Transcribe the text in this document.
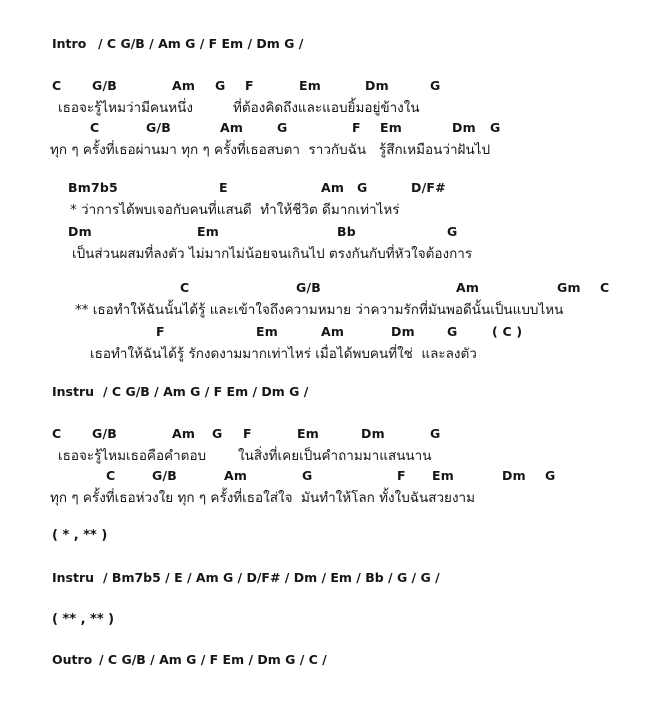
Intro

/ C G/B / Am G / F Em / Dm G /

C

G/B

	Am

G

F

	Em

	Dm

	G

เธอจะรู้ไหมว่ามีคนหนึ่ง

	ที่ต้องคิดถึงและแอบยิ้มอยู่ข้างใน

C

	G/B

	Am

	G

	F

Em

	Dm

G

ทุก ๆ ครั้งที่เธอผ่านมา ทุก ๆ ครั้งที่เธอสบตา  ราวกับฉัน   รู้สึกเหมือนว่าฝันไป

Bm7b5

	E

	Am

G

	D/F#

* ว่าการได้พบเจอกับคนที่แสนดี  ทำให้ชีวิต ดีมากเท่าไหร่

Dm

	Em

	Bb

	G

เป็นส่วนผสมที่ลงตัว ไม่มากไม่น้อยจนเกินไป ตรงกันกับที่หัวใจต้องการ

C

	G/B

	Am

	Gm

C

** เธอทำให้ฉันนั้นได้รู้ และเข้าใจถึงความหมาย ว่าความรักที่มันพอดีนั้นเป็นแบบไหน

F

	Em

	Am

	Dm

	G

	( C )

เธอทำให้ฉันได้รู้ รักงดงามมากเท่าไหร่ เมื่อได้พบคนที่ใช่  และลงตัว

Instru

/ C G/B / Am G / F Em / Dm G /

C

G/B

	Am

G

F

	Em

	Dm

	G

เธอจะรู้ไหมเธอคือคำตอบ

ในสิ่งที่เคยเป็นคำถามมาแสนนาน

C

	G/B

	Am

	G

	F

Em

	Dm

G

ทุก ๆ ครั้งที่เธอห่วงใย ทุก ๆ ครั้งที่เธอใส่ใจ  มันทำให้โลก ทั้งใบฉันสวยงาม

( * , ** )

Instru

/ Bm7b5 / E / Am G / D/F# / Dm / Em / Bb / G / G /

( ** , ** )

Outro

/ C G/B / Am G / F Em / Dm G / C /
